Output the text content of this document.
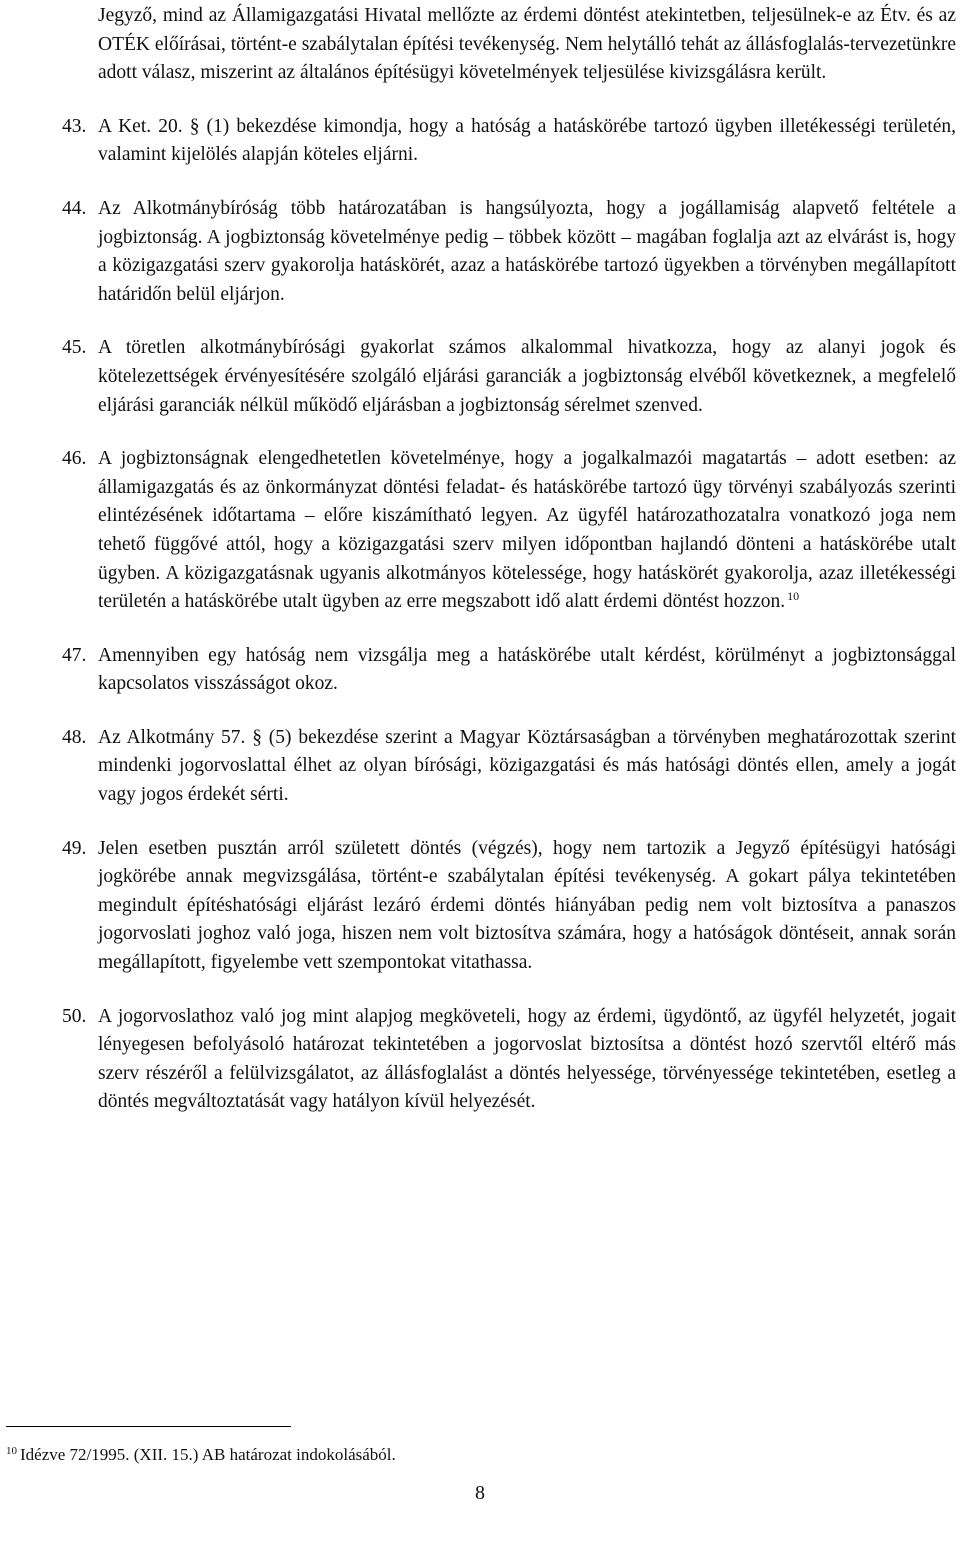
Jegyző, mind az Államigazgatási Hivatal mellőzte az érdemi döntést atekintetben, teljesülnek-e az Étv. és az OTÉK előírásai, történt-e szabálytalan építési tevékenység. Nem helytálló tehát az állásfoglalás-tervezetünkre adott válasz, miszerint az általános építésügyi követelmények teljesülése kivizsgálásra került.

43. A Ket. 20. § (1) bekezdése kimondja, hogy a hatóság a hatáskörébe tartozó ügyben illetékességi területén, valamint kijelölés alapján köteles eljárni.

44. Az Alkotmánybíróság több határozatában is hangsúlyozta, hogy a jogállamiság alapvető feltétele a jogbiztonság. A jogbiztonság követelménye pedig – többek között – magában foglalja azt az elvárást is, hogy a közigazgatási szerv gyakorolja hatáskörét, azaz a hatáskörébe tartozó ügyekben a törvényben megállapított határidőn belül eljárjon.

45. A töretlen alkotmánybírósági gyakorlat számos alkalommal hivatkozza, hogy az alanyi jogok és kötelezettségek érvényesítésére szolgáló eljárási garanciák a jogbiztonság elvéből következnek, a megfelelő eljárási garanciák nélkül működő eljárásban a jogbiztonság sérelmet szenved.

46. A jogbiztonságnak elengedhetetlen követelménye, hogy a jogalkalmazói magatartás – adott esetben: az államigazgatás és az önkormányzat döntési feladat- és hatáskörébe tartozó ügy törvényi szabályozás szerinti elintézésének időtartama – előre kiszámítható legyen. Az ügyfél határozathozatalra vonatkozó joga nem tehető függővé attól, hogy a közigazgatási szerv milyen időpontban hajlandó dönteni a hatáskörébe utalt ügyben. A közigazgatásnak ugyanis alkotmányos kötelessége, hogy hatáskörét gyakorolja, azaz illetékességi területén a hatáskörébe utalt ügyben az erre megszabott idő alatt érdemi döntést hozzon. $^{10}$

47. Amennyiben egy hatóság nem vizsgálja meg a hatáskörébe utalt kérdést, körülményt a jogbiztonsággal kapcsolatos visszásságot okoz.

48. Az Alkotmány 57. § (5) bekezdése szerint a Magyar Köztársaságban a törvényben meghatározottak szerint mindenki jogorvoslattal élhet az olyan bírósági, közigazgatási és más hatósági döntés ellen, amely a jogát vagy jogos érdekét sérti.

49. Jelen esetben pusztán arról született döntés (végzés), hogy nem tartozik a Jegyző építésügyi hatósági jogkörébe annak megvizsgálása, történt-e szabálytalan építési tevékenység. A gokart pálya tekintetében megindult építéshatósági eljárást lezáró érdemi döntés hiányában pedig nem volt biztosítva a panaszos jogorvoslati joghoz való joga, hiszen nem volt biztosítva számára, hogy a hatóságok döntéseit, annak során megállapított, figyelembe vett szempontokat vitathassa.

50. A jogorvoslathoz való jog mint alapjog megköveteli, hogy az érdemi, ügydöntő, az ügyfél helyzetét, jogait lényegesen befolyásoló határozat tekintetében a jogorvoslat biztosítsa a döntést hozó szervtől eltérő más szerv részéről a felülvizsgálatot, az állásfoglalást a döntés helyessége, törvényessége tekintetében, esetleg a döntés megváltoztatását vagy hatályon kívül helyezését.

$^{10}$ Idézve 72/1995. (XII. 15.) AB határozat indokolásából.
8
